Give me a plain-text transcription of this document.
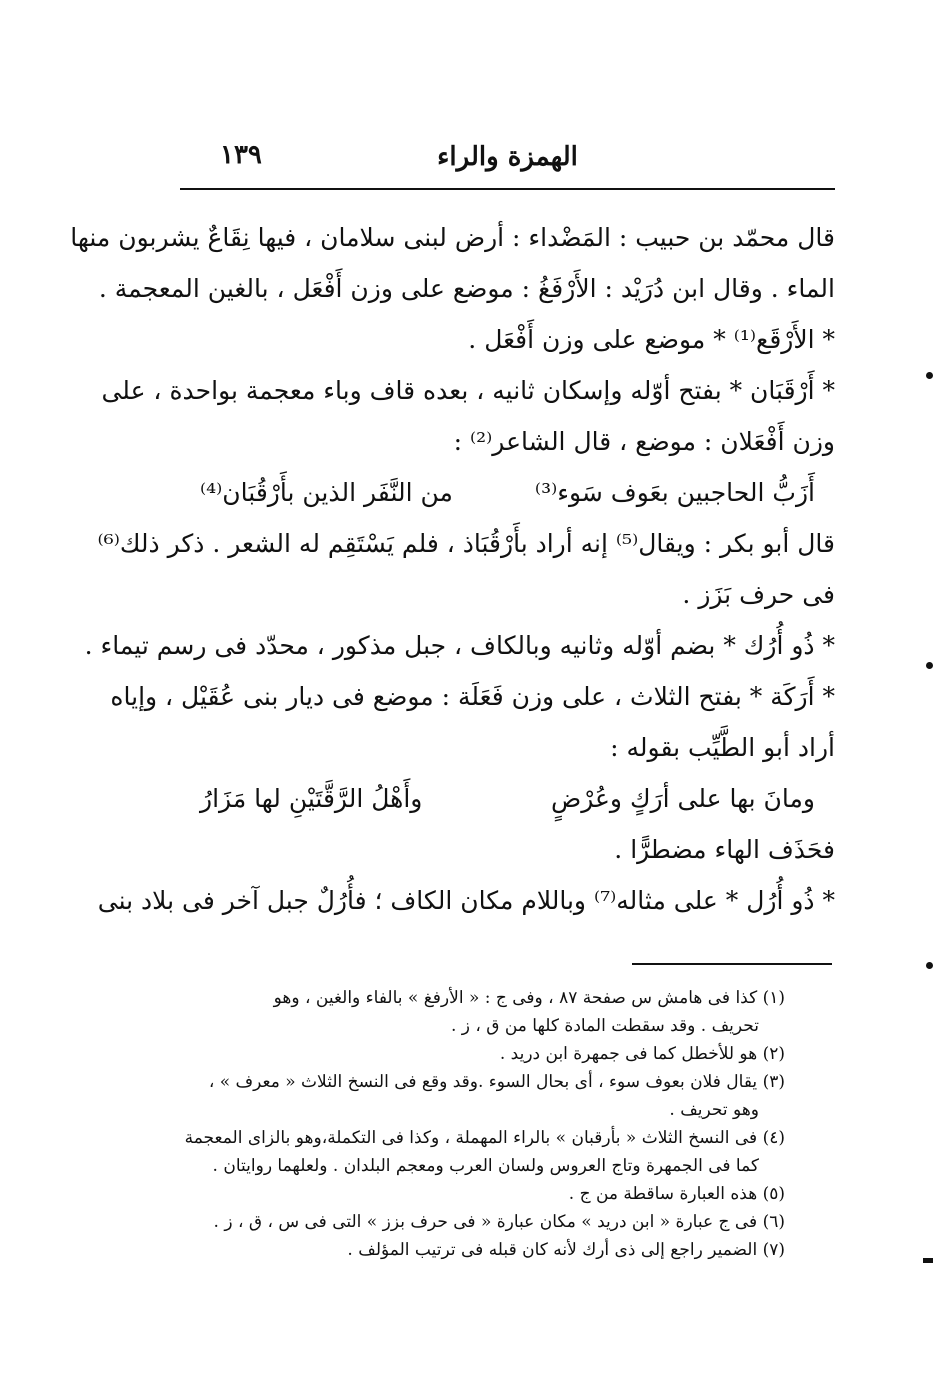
الهمزة والراء
١٣٩
قال محمّد بن حبيب : المَضْداء : أرض لبنى سلامان ، فيها نِقَاعٌ يشربون منها
الماء . وقال ابن دُرَيْد : الأَرْفَغُ : موضع على وزن أَفْعَل ، بالغين المعجمة .
* الأَرْقَع⁽¹⁾ * موضع على وزن أَفْعَل .
* أَرْقَبَان * بفتح أوّله وإسكان ثانيه ، بعده قاف وباء معجمة بواحدة ، على
وزن أَفْعَلان : موضع ، قال الشاعر⁽²⁾ :
أَزَبُّ الحاجبين بعَوف سَوء⁽³⁾
من النَّفَر الذين بأَرْقُبَان⁽⁴⁾
قال أبو بكر : ويقال⁽⁵⁾ إنه أراد بأَرْقُبَاذ ، فلم يَسْتَقِم له الشعر . ذكر ذلك⁽⁶⁾
فى حرف بَزَز .
* ذُو أُرُك * بضم أوّله وثانيه وبالكاف ، جبل مذكور ، محدّد فى رسم تيماء .
* أَرَكَة * بفتح الثلاث ، على وزن فَعَلَة : موضع فى ديار بنى عُقَيْل ، وإياه
أراد أبو الطَّيِّب بقوله :
ومانَ بها على أرَكٍ وعُرْضٍ
وأَهْلُ الرَّقَّتَيْنِ لها مَزَارُ
فحَذَف الهاء مضطرًّا .
* ذُو أُرُل * على مثاله⁽⁷⁾ وباللام مكان الكاف ؛ فأُرُلٌ جبل آخر فى بلاد بنى
(١) كذا فى هامش س صفحة ٨٧ ، وفى ج : « الأرفغ » بالفاء والغين ، وهو
تحريف . وقد سقطت المادة كلها من ق ، ز .
(٢) هو للأخطل كما فى جمهرة ابن دريد .
(٣) يقال فلان بعوف سوء ، أى بحال السوء .وقد وقع فى النسخ الثلاث « معرف » ،
وهو تحريف .
(٤) فى النسخ الثلاث « بأرقبان » بالراء المهملة ، وكذا فى التكملة،وهو بالزاى المعجمة
كما فى الجمهرة وتاج العروس ولسان العرب ومعجم البلدان . ولعلهما روايتان .
(٥) هذه العبارة ساقطة من ج .
(٦) فى ج عبارة « ابن دريد » مكان عبارة « فى حرف بزز » التى فى س ، ق ، ز .
(٧) الضمير راجع إلى ذى أرك لأنه كان قبله فى ترتيب المؤلف .
